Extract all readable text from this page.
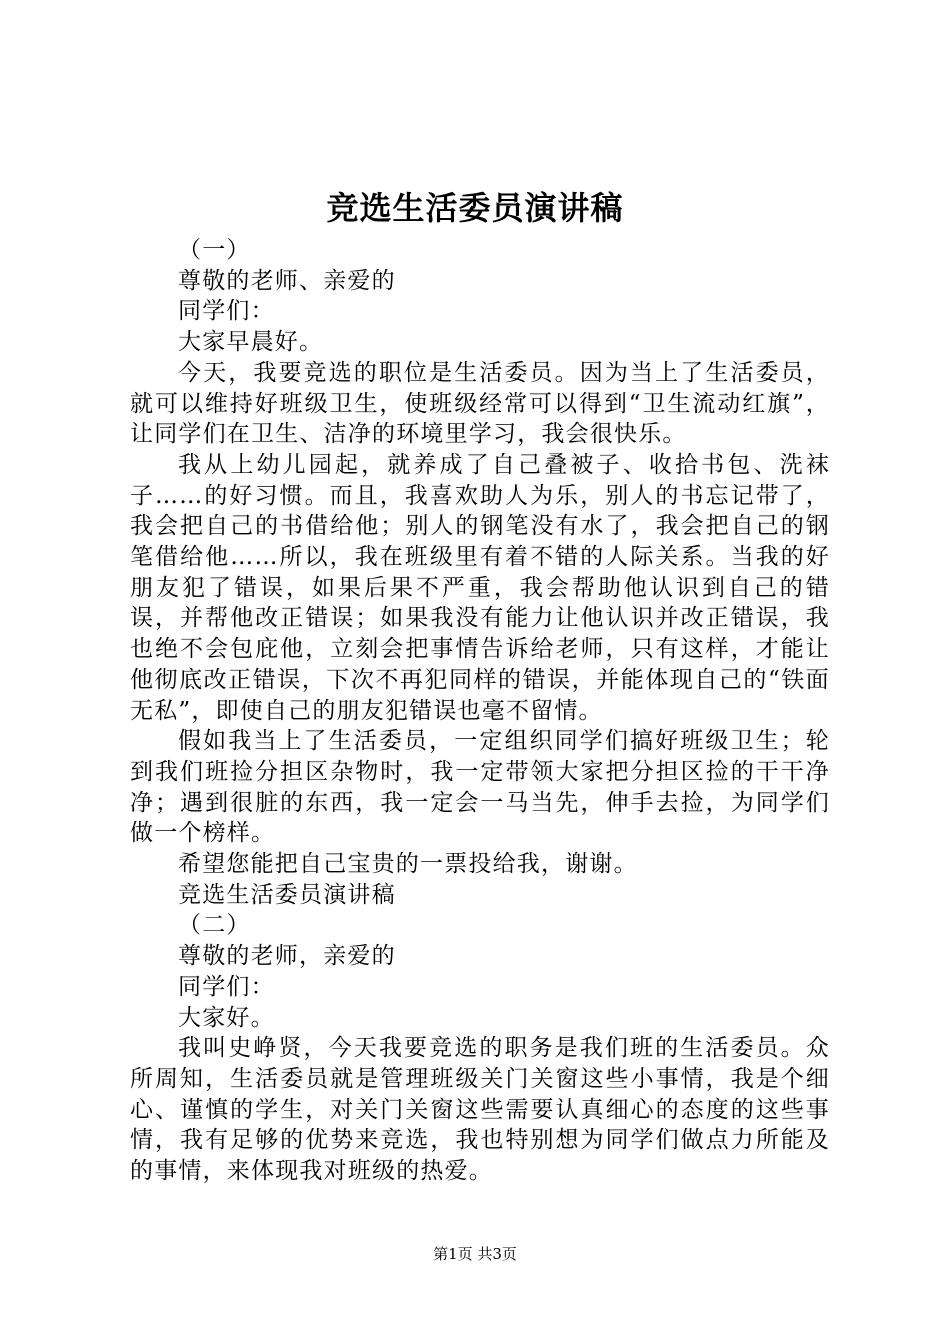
竞选生活委员演讲稿

（一）

尊敬的老师、亲爱的

同学们：

大家早晨好。

今天，我要竞选的职位是生活委员。因为当上了生活委员，就可以维持好班级卫生，使班级经常可以得到“卫生流动红旗”，让同学们在卫生、洁净的环境里学习，我会很快乐。

我从上幼儿园起，就养成了自己叠被子、收拾书包、洗袜子……的好习惯。而且，我喜欢助人为乐，别人的书忘记带了，我会把自己的书借给他；别人的钢笔没有水了，我会把自己的钢笔借给他……所以，我在班级里有着不错的人际关系。当我的好朋友犯了错误，如果后果不严重，我会帮助他认识到自己的错误，并帮他改正错误；如果我没有能力让他认识并改正错误，我也绝不会包庇他，立刻会把事情告诉给老师，只有这样，才能让他彻底改正错误，下次不再犯同样的错误，并能体现自己的“铁面无私”，即使自己的朋友犯错误也毫不留情。

假如我当上了生活委员，一定组织同学们搞好班级卫生；轮到我们班捡分担区杂物时，我一定带领大家把分担区捡的干干净净；遇到很脏的东西，我一定会一马当先，伸手去捡，为同学们做一个榜样。

希望您能把自己宝贵的一票投给我，谢谢。

竞选生活委员演讲稿

（二）

尊敬的老师，亲爱的

同学们：

大家好。

我叫史峥贤，今天我要竞选的职务是我们班的生活委员。众所周知，生活委员就是管理班级关门关窗这些小事情，我是个细心、谨慎的学生，对关门关窗这些需要认真细心的态度的这些事情，我有足够的优势来竞选，我也特别想为同学们做点力所能及的事情，来体现我对班级的热爱。

第1页 共3页
